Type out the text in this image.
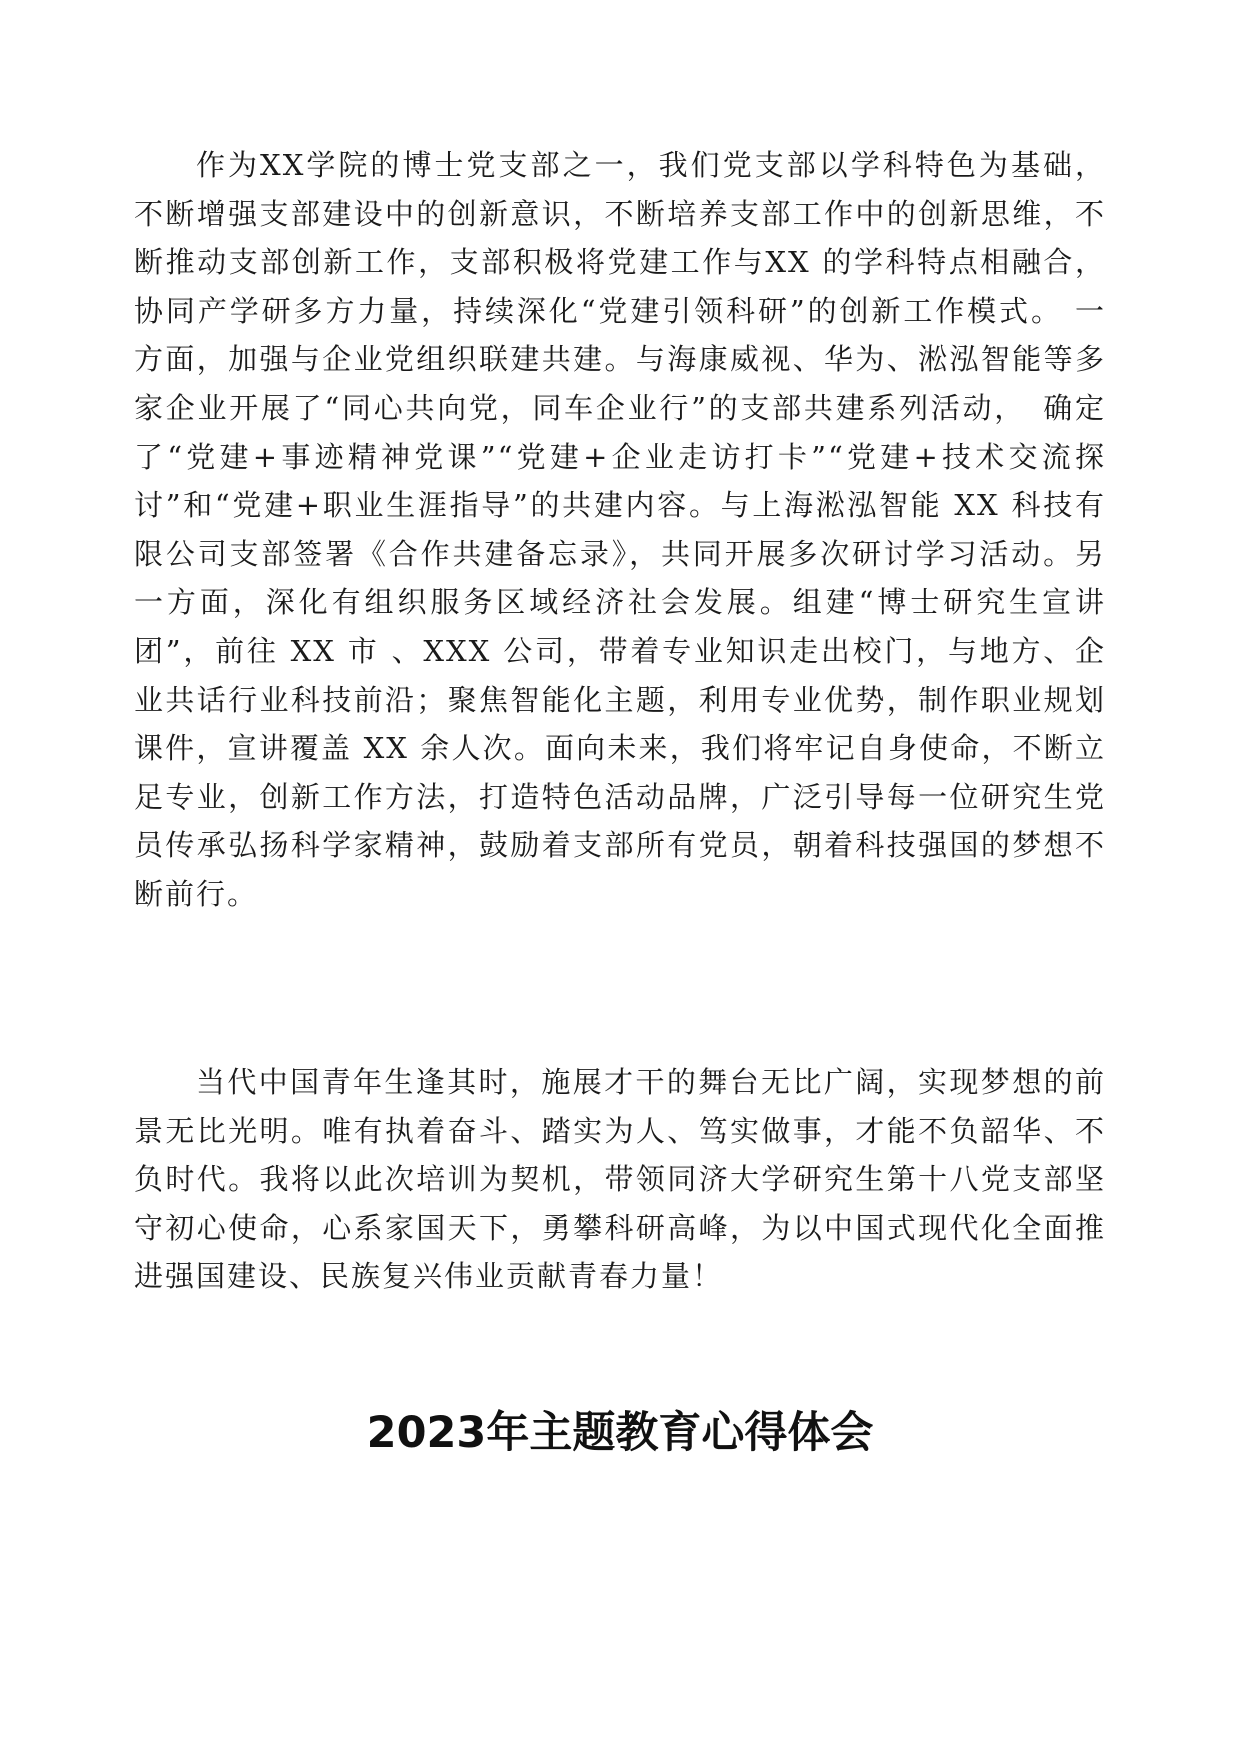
作为XX学院的博士党支部之一，我们党支部以学科特色为基础，不断增强支部建设中的创新意识，不断培养支部工作中的创新思维，不断推动支部创新工作，支部积极将党建工作与XX 的学科特点相融合，协同产学研多方力量，持续深化“党建引领科研”的创新工作模式。 一方面，加强与企业党组织联建共建。与海康威视、华为、淞泓智能等多家企业开展了“同心共向党，同车企业行”的支部共建系列活动，　确定了“党建+事迹精神党课”“党建+企业走访打卡”“党建+技术交流探讨”和“党建+职业生涯指导”的共建内容。与上海淞泓智能 XX 科技有限公司支部签署《合作共建备忘录》，共同开展多次研讨学习活动。另一方面，深化有组织服务区域经济社会发展。组建“博士研究生宣讲团”，前往 XX 市 、XXX 公司，带着专业知识走出校门，与地方、企业共话行业科技前沿；聚焦智能化主题，利用专业优势，制作职业规划课件，宣讲覆盖 XX 余人次。面向未来，我们将牢记自身使命，不断立足专业，创新工作方法，打造特色活动品牌，广泛引导每一位研究生党员传承弘扬科学家精神，鼓励着支部所有党员，朝着科技强国的梦想不断前行。

当代中国青年生逢其时，施展才干的舞台无比广阔，实现梦想的前景无比光明。唯有执着奋斗、踏实为人、笃实做事，才能不负韶华、不负时代。我将以此次培训为契机，带领同济大学研究生第十八党支部坚守初心使命，心系家国天下，勇攀科研高峰，为以中国式现代化全面推进强国建设、民族复兴伟业贡献青春力量！

2023年主题教育心得体会
